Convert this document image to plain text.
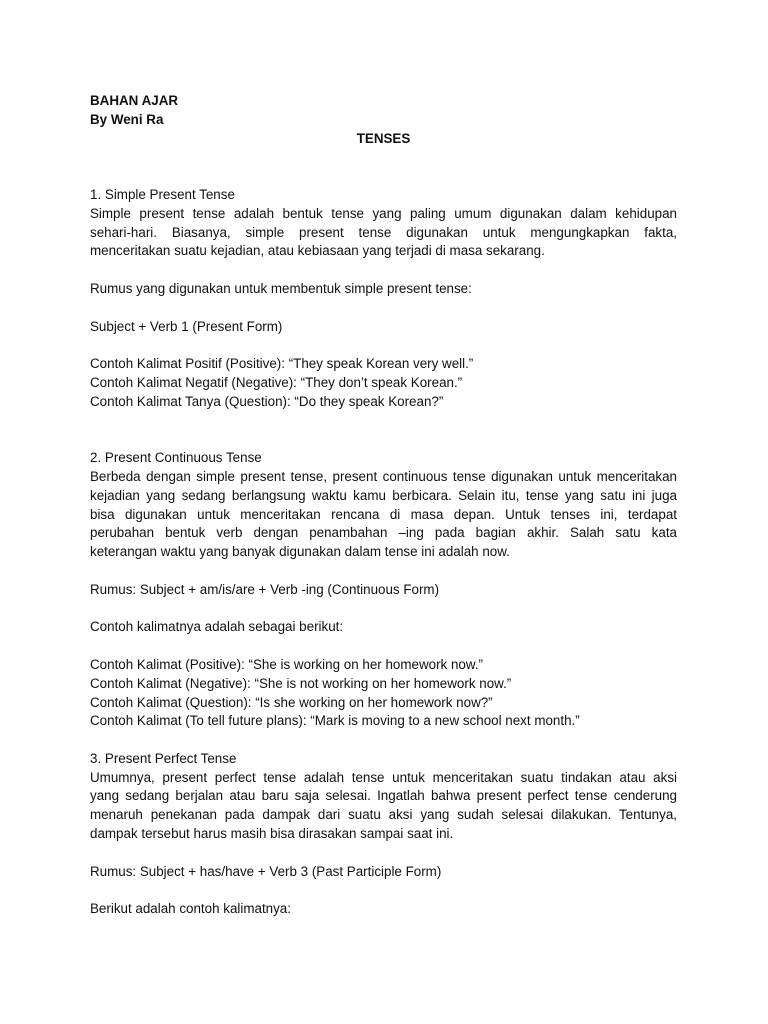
BAHAN AJAR
By Weni Ra
TENSES
1. Simple Present Tense
Simple present tense adalah bentuk tense yang paling umum digunakan dalam kehidupan
sehari-hari. Biasanya, simple present tense digunakan untuk mengungkapkan fakta,
menceritakan suatu kejadian, atau kebiasaan yang terjadi di masa sekarang.
Rumus yang digunakan untuk membentuk simple present tense:
Subject + Verb 1 (Present Form)
Contoh Kalimat Positif (Positive): “They speak Korean very well.”
Contoh Kalimat Negatif (Negative): “They don’t speak Korean.”
Contoh Kalimat Tanya (Question): “Do they speak Korean?”
2. Present Continuous Tense
Berbeda dengan simple present tense, present continuous tense digunakan untuk menceritakan
kejadian yang sedang berlangsung waktu kamu berbicara. Selain itu, tense yang satu ini juga
bisa digunakan untuk menceritakan rencana di masa depan. Untuk tenses ini, terdapat
perubahan bentuk verb dengan penambahan –ing pada bagian akhir. Salah satu kata
keterangan waktu yang banyak digunakan dalam tense ini adalah now.
Rumus: Subject + am/is/are + Verb -ing (Continuous Form)
Contoh kalimatnya adalah sebagai berikut:
Contoh Kalimat (Positive): “She is working on her homework now.”
Contoh Kalimat (Negative): “She is not working on her homework now.”
Contoh Kalimat (Question): “Is she working on her homework now?”
Contoh Kalimat (To tell future plans): “Mark is moving to a new school next month.”
3. Present Perfect Tense
Umumnya, present perfect tense adalah tense untuk menceritakan suatu tindakan atau aksi
yang sedang berjalan atau baru saja selesai. Ingatlah bahwa present perfect tense cenderung
menaruh penekanan pada dampak dari suatu aksi yang sudah selesai dilakukan. Tentunya,
dampak tersebut harus masih bisa dirasakan sampai saat ini.
Rumus: Subject + has/have + Verb 3 (Past Participle Form)
Berikut adalah contoh kalimatnya:
